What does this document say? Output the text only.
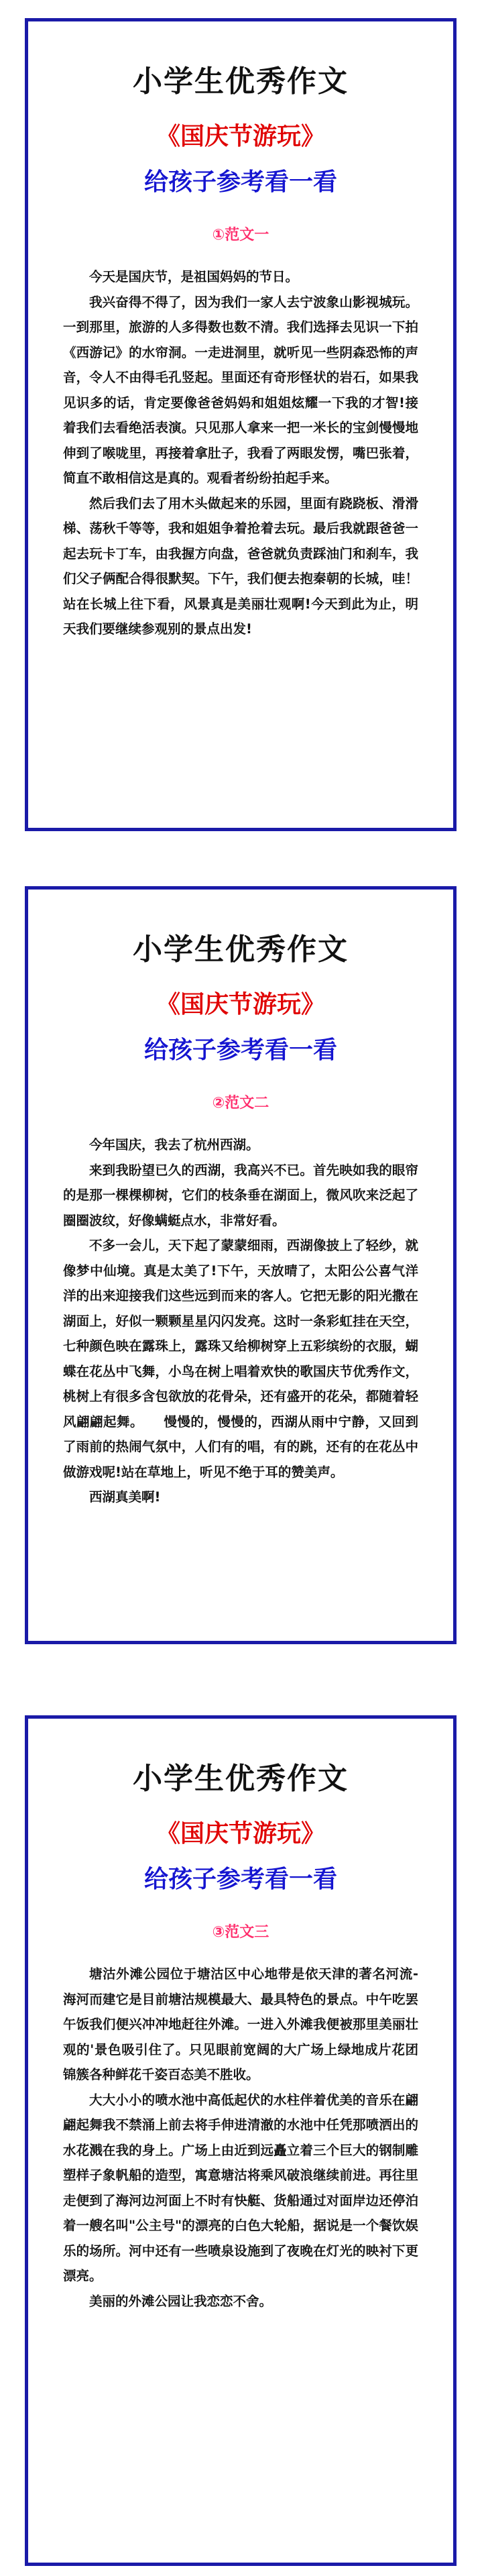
小学生优秀作文
《国庆节游玩》
给孩子参考看一看
①范文一

今天是国庆节，是祖国妈妈的节日。

我兴奋得不得了，因为我们一家人去宁波象山影视城玩。一到那里，旅游的人多得数也数不清。我们选择去见识一下拍《西游记》的水帘洞。一走进洞里，就听见一些阴森恐怖的声音，令人不由得毛孔竖起。里面还有奇形怪状的岩石，如果我见识多的话，肯定要像爸爸妈妈和姐姐炫耀一下我的才智!接着我们去看绝活表演。只见那人拿来一把一米长的宝剑慢慢地伸到了喉咙里，再接着拿肚子，我看了两眼发愣，嘴巴张着，简直不敢相信这是真的。观看者纷纷拍起手来。

然后我们去了用木头做起来的乐园，里面有跷跷板、滑滑梯、荡秋千等等，我和姐姐争着抢着去玩。最后我就跟爸爸一起去玩卡丁车，由我握方向盘，爸爸就负责踩油门和刹车，我们父子俩配合得很默契。下午，我们便去抱秦朝的长城，哇！站在长城上往下看，风景真是美丽壮观啊!今天到此为止，明天我们要继续参观别的景点出发!

小学生优秀作文
《国庆节游玩》
给孩子参考看一看
②范文二

今年国庆，我去了杭州西湖。

来到我盼望已久的西湖，我高兴不已。首先映如我的眼帘的是那一棵棵柳树，它们的枝条垂在湖面上，微风吹来泛起了圈圈波纹，好像螨蜓点水，非常好看。

不多一会儿，天下起了蒙蒙细雨，西湖像披上了轻纱，就像梦中仙境。真是太美了!下午，天放晴了，太阳公公喜气洋洋的出来迎接我们这些远到而来的客人。它把无影的阳光撒在湖面上，好似一颗颗星星闪闪发亮。这时一条彩虹挂在天空，七种颜色映在露珠上，露珠又给柳树穿上五彩缤纷的衣服，蝴蝶在花丛中飞舞，小鸟在树上唱着欢快的歌国庆节优秀作文，桃树上有很多含包欲放的花骨朵，还有盛开的花朵，都随着轻风翩翩起舞。　　慢慢的，慢慢的，西湖从雨中宁静，又回到了雨前的热闹气氛中，人们有的唱，有的跳，还有的在花丛中做游戏呢!站在草地上，听见不绝于耳的赞美声。

西湖真美啊!

小学生优秀作文
《国庆节游玩》
给孩子参考看一看
③范文三

塘沽外滩公园位于塘沽区中心地带是依天津的著名河流-海河而建它是目前塘沽规模最大、最具特色的景点。中午吃罢午饭我们便兴冲冲地赶往外滩。一进入外滩我便被那里美丽壮观的'景色吸引住了。只见眼前宽阔的大广场上绿地成片花团锦簇各种鲜花千姿百态美不胜收。

大大小小的喷水池中高低起伏的水柱伴着优美的音乐在翩翩起舞我不禁涌上前去将手伸进清澈的水池中任凭那喷洒出的水花溅在我的身上。广场上由近到远矗立着三个巨大的钢制雕塑样子象帆船的造型，寓意塘沽将乘风破浪继续前进。再往里走便到了海河边河面上不时有快艇、货船通过对面岸边还停泊着一艘名叫"公主号"的漂亮的白色大轮船，据说是一个餐饮娱乐的场所。河中还有一些喷泉设施到了夜晚在灯光的映衬下更漂亮。

美丽的外滩公园让我恋恋不舍。
